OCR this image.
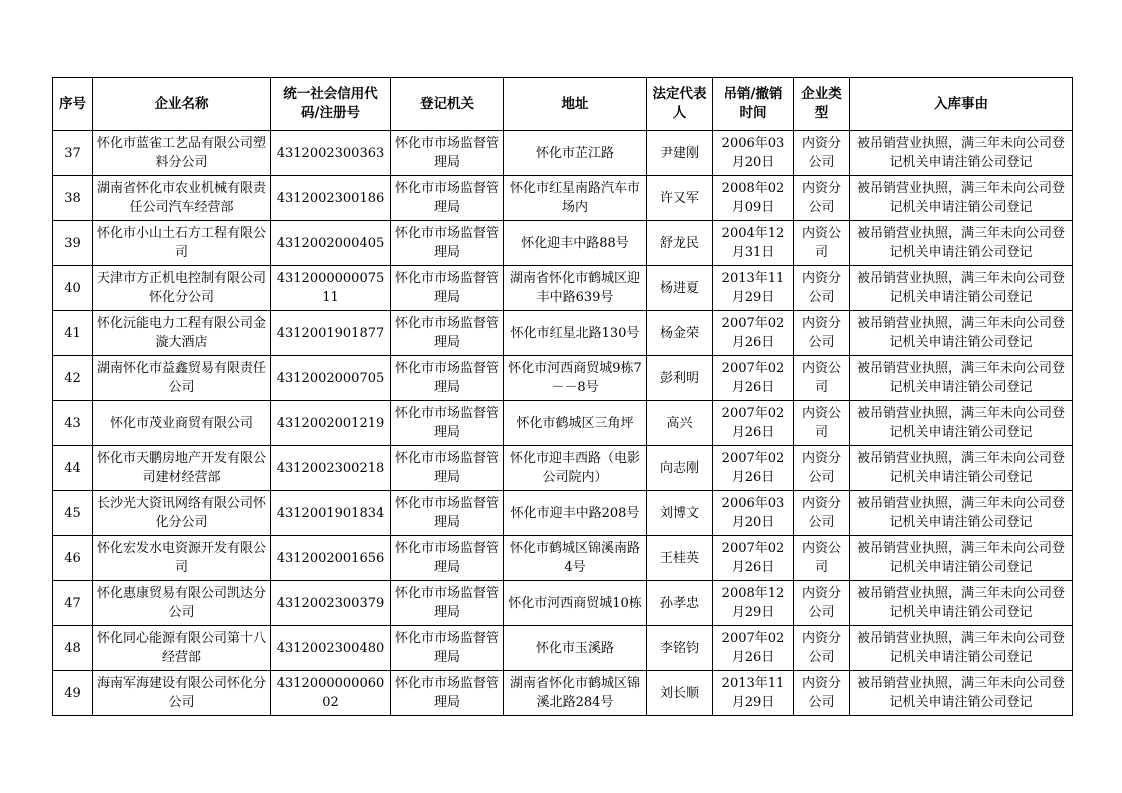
序号	企业名称	统一社会信用代码/注册号	登记机关	地址	法定代表人	吊销/撤销时间	企业类型	入库事由
37	怀化市蓝雀工艺品有限公司塑料分公司	4312002300363	怀化市市场监督管理局	怀化市芷江路	尹建刚	2006年03月20日	内资分公司	被吊销营业执照，满三年未向公司登记机关申请注销公司登记
38	湖南省怀化市农业机械有限责任公司汽车经营部	4312002300186	怀化市市场监督管理局	怀化市红星南路汽车市场内	许又军	2008年02月09日	内资分公司	被吊销营业执照，满三年未向公司登记机关申请注销公司登记
39	怀化市小山土石方工程有限公司	4312002000405	怀化市市场监督管理局	怀化迎丰中路88号	舒龙民	2004年12月31日	内资公司	被吊销营业执照，满三年未向公司登记机关申请注销公司登记
40	天津市方正机电控制有限公司怀化分公司	431200000007511	怀化市市场监督管理局	湖南省怀化市鹤城区迎丰中路639号	杨进夏	2013年11月29日	内资分公司	被吊销营业执照，满三年未向公司登记机关申请注销公司登记
41	怀化沅能电力工程有限公司金漩大酒店	4312001901877	怀化市市场监督管理局	怀化市红星北路130号	杨金荣	2007年02月26日	内资分公司	被吊销营业执照，满三年未向公司登记机关申请注销公司登记
42	湖南怀化市益鑫贸易有限责任公司	4312002000705	怀化市市场监督管理局	怀化市河西商贸城9栋7－－8号	彭利明	2007年02月26日	内资公司	被吊销营业执照，满三年未向公司登记机关申请注销公司登记
43	怀化市茂业商贸有限公司	4312002001219	怀化市市场监督管理局	怀化市鹤城区三角坪	高兴	2007年02月26日	内资公司	被吊销营业执照，满三年未向公司登记机关申请注销公司登记
44	怀化市天鹏房地产开发有限公司建材经营部	4312002300218	怀化市市场监督管理局	怀化市迎丰西路（电影公司院内）	向志刚	2007年02月26日	内资分公司	被吊销营业执照，满三年未向公司登记机关申请注销公司登记
45	长沙光大资讯网络有限公司怀化分公司	4312001901834	怀化市市场监督管理局	怀化市迎丰中路208号	刘博文	2006年03月20日	内资分公司	被吊销营业执照，满三年未向公司登记机关申请注销公司登记
46	怀化宏发水电资源开发有限公司	4312002001656	怀化市市场监督管理局	怀化市鹤城区锦溪南路4号	王桂英	2007年02月26日	内资公司	被吊销营业执照，满三年未向公司登记机关申请注销公司登记
47	怀化惠康贸易有限公司凯达分公司	4312002300379	怀化市市场监督管理局	怀化市河西商贸城10栋	孙孝忠	2008年12月29日	内资分公司	被吊销营业执照，满三年未向公司登记机关申请注销公司登记
48	怀化同心能源有限公司第十八经营部	4312002300480	怀化市市场监督管理局	怀化市玉溪路	李铭钧	2007年02月26日	内资分公司	被吊销营业执照，满三年未向公司登记机关申请注销公司登记
49	海南军海建设有限公司怀化分公司	431200000006002	怀化市市场监督管理局	湖南省怀化市鹤城区锦溪北路284号	刘长顺	2013年11月29日	内资分公司	被吊销营业执照，满三年未向公司登记机关申请注销公司登记
